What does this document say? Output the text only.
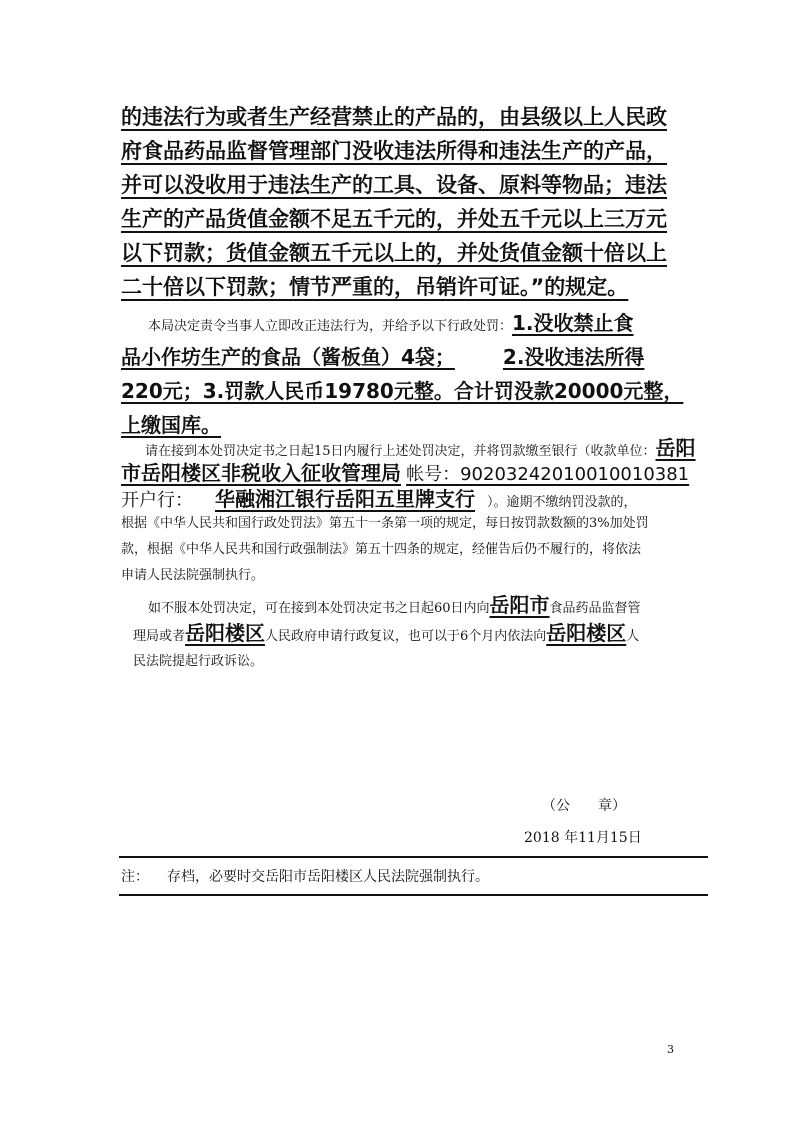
的违法行为或者生产经营禁止的产品的，由县级以上人民政
府食品药品监督管理部门没收违法所得和违法生产的产品，
并可以没收用于违法生产的工具、设备、原料等物品；违法
生产的产品货值金额不足五千元的，并处五千元以上三万元
以下罚款；货值金额五千元以上的，并处货值金额十倍以上
二十倍以下罚款；情节严重的，吊销许可证。”的规定。
本局决定责令当事人立即改正违法行为，并给予以下行政处罚：1.没收禁止食
品小作坊生产的食品（酱板鱼）4袋； 2.没收违法所得
220元；3.罚款人民币19780元整。合计罚没款20000元整，
上缴国库。
请在接到本处罚决定书之日起15日内履行上述处罚决定，并将罚款缴至银行（收款单位：岳阳
市岳阳楼区非税收入征收管理局 帐号：90203242010010010381
开户行： 华融湘江银行岳阳五里牌支行 ）。逾期不缴纳罚没款的，
根据《中华人民共和国行政处罚法》第五十一条第一项的规定，每日按罚款数额的3%加处罚
款，根据《中华人民共和国行政强制法》第五十四条的规定，经催告后仍不履行的，将依法
申请人民法院强制执行。
如不服本处罚决定，可在接到本处罚决定书之日起60日内向岳阳市食品药品监督管
理局或者岳阳楼区人民政府申请行政复议，也可以于6个月内依法向岳阳楼区人
民法院提起行政诉讼。
（公　　章）
2018 年11月15日
注： 存档，必要时交岳阳市岳阳楼区人民法院强制执行。
3
